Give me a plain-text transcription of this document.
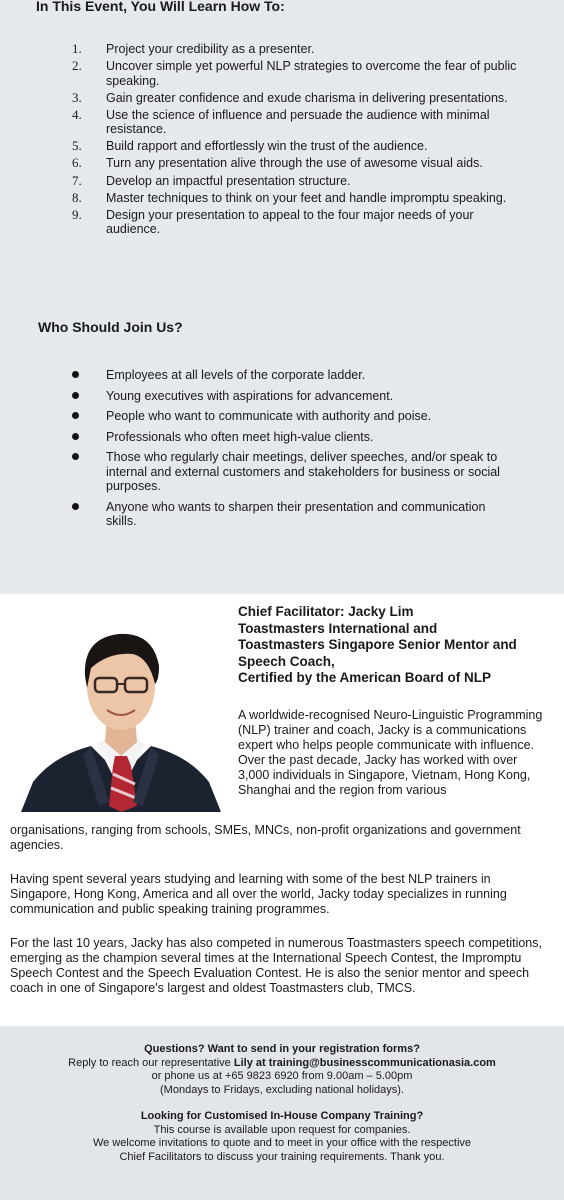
In This Event, You Will Learn How To:
1. Project your credibility as a presenter.
2. Uncover simple yet powerful NLP strategies to overcome the fear of public speaking.
3. Gain greater confidence and exude charisma in delivering presentations.
4. Use the science of influence and persuade the audience with minimal resistance.
5. Build rapport and effortlessly win the trust of the audience.
6. Turn any presentation alive through the use of awesome visual aids.
7. Develop an impactful presentation structure.
8. Master techniques to think on your feet and handle impromptu speaking.
9. Design your presentation to appeal to the four major needs of your audience.
Who Should Join Us?
Employees at all levels of the corporate ladder.
Young executives with aspirations for advancement.
People who want to communicate with authority and poise.
Professionals who often meet high-value clients.
Those who regularly chair meetings, deliver speeches, and/or speak to internal and external customers and stakeholders for business or social purposes.
Anyone who wants to sharpen their presentation and communication skills.
Chief Facilitator: Jacky Lim
Toastmasters International and
Toastmasters Singapore Senior Mentor and
Speech Coach,
Certified by the American Board of NLP

A worldwide-recognised Neuro-Linguistic Programming (NLP) trainer and coach, Jacky is a communications expert who helps people communicate with influence. Over the past decade, Jacky has worked with over 3,000 individuals in Singapore, Vietnam, Hong Kong, Shanghai and the region from various

organisations, ranging from schools, SMEs, MNCs, non-profit organizations and government agencies.

Having spent several years studying and learning with some of the best NLP trainers in Singapore, Hong Kong, America and all over the world, Jacky today specializes in running communication and public speaking training programmes.

For the last 10 years, Jacky has also competed in numerous Toastmasters speech competitions, emerging as the champion several times at the International Speech Contest, the Impromptu Speech Contest and the Speech Evaluation Contest. He is also the senior mentor and speech coach in one of Singapore's largest and oldest Toastmasters club, TMCS.

Questions? Want to send in your registration forms?

Reply to reach our representative Lily at training@businesscommunicationasia.com

or phone us at +65 9823 6920 from 9.00am – 5.00pm

(Mondays to Fridays, excluding national holidays).

Looking for Customised In-House Company Training?

This course is available upon request for companies.

We welcome invitations to quote and to meet in your office with the respective

Chief Facilitators to discuss your training requirements. Thank you.
